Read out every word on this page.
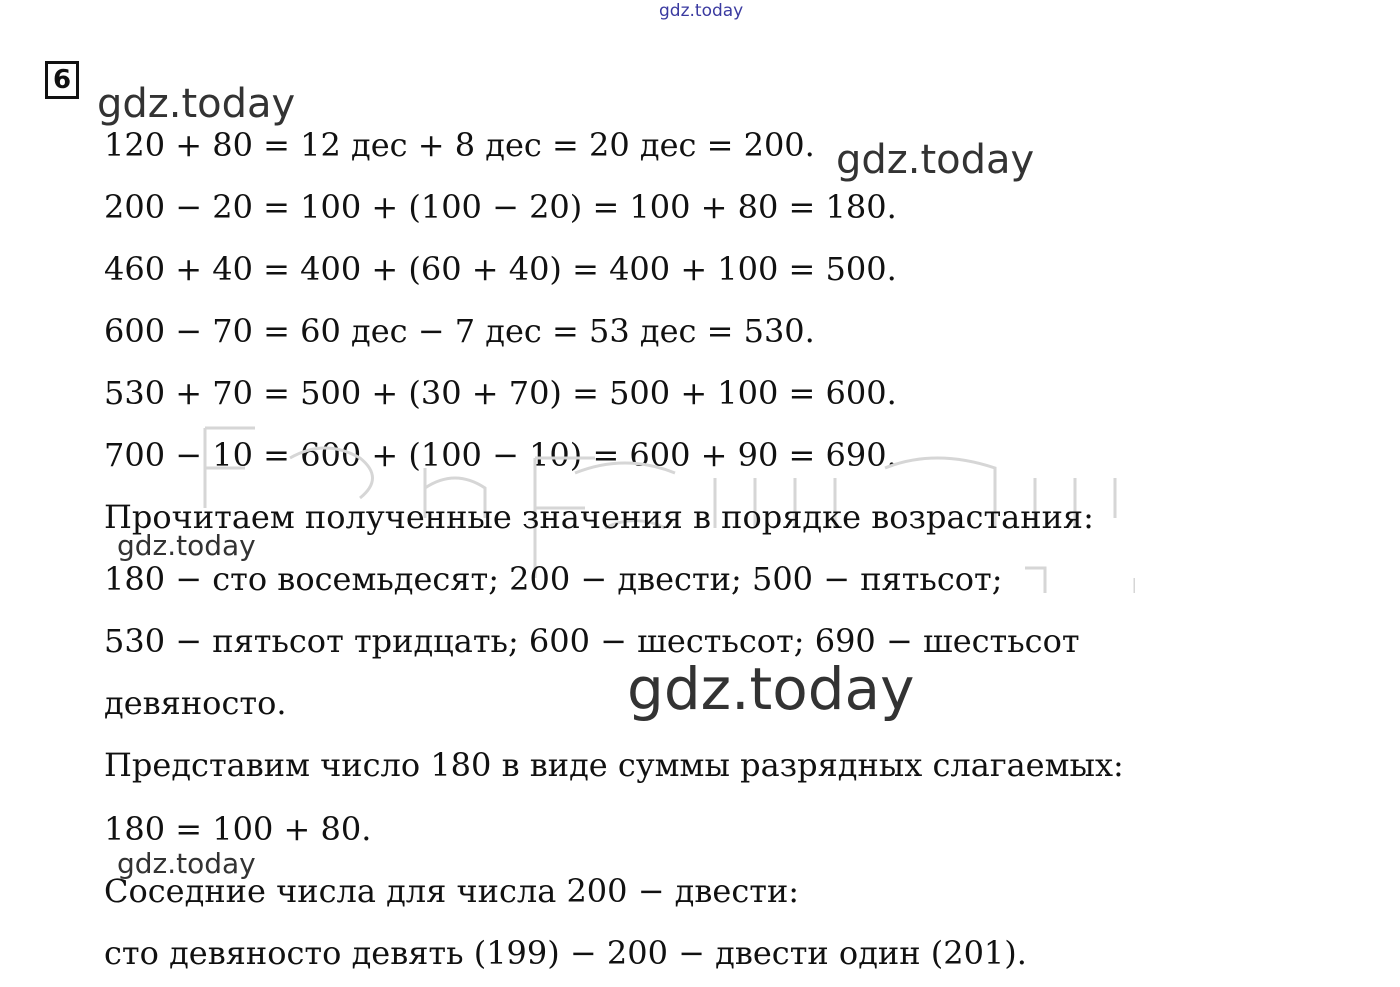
gdz.today
6
gdz.today
120 + 80 = 12 дес + 8 дес = 20 дес = 200. gdz.today
200 − 20 = 100 + (100 − 20) = 100 + 80 = 180.
460 + 40 = 400 + (60 + 40) = 400 + 100 = 500.
600 − 70 = 60 дес − 7 дес = 53 дес = 530.
530 + 70 = 500 + (30 + 70) = 500 + 100 = 600.
700 − 10 = 600 + (100 − 10) = 600 + 90 = 690.
Прочитаем полученные значения в порядке возрастания:
gdz.today
180 − сто восемьдесят; 200 − двести; 500 − пятьсот;
530 − пятьсот тридцать; 600 − шестьсот; 690 − шестьсот
gdz.today
девяносто.
Представим число 180 в виде суммы разрядных слагаемых:
180 = 100 + 80.
gdz.today
Соседние числа для числа 200 − двести:
сто девяносто девять (199) − 200 − двести один (201).
